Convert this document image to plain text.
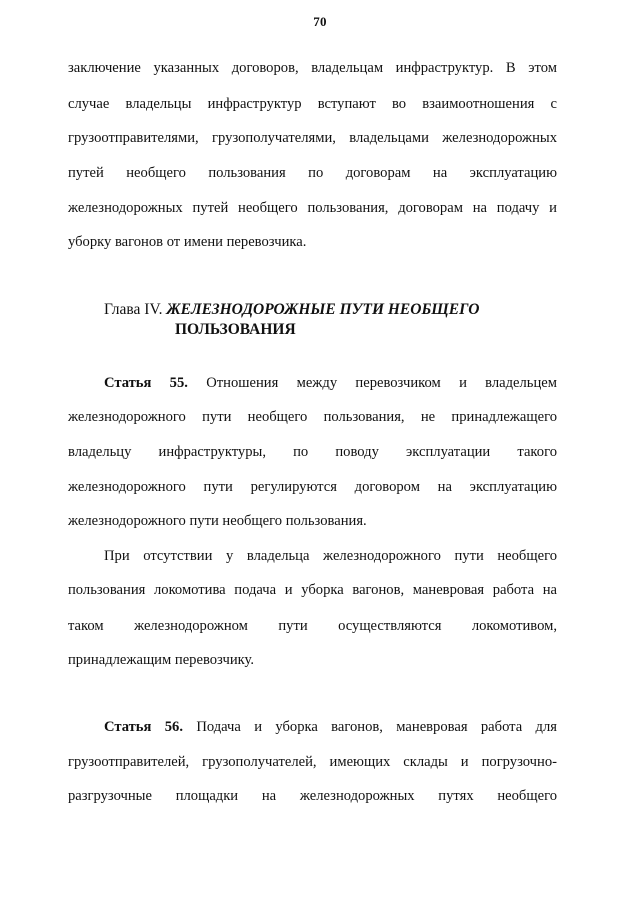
70
заключение указанных договоров, владельцам инфраструктур. В этом
случае владельцы инфраструктур вступают во взаимоотношения с
грузоотправителями, грузополучателями, владельцами железнодорожных
путей необщего пользования по договорам на эксплуатацию
железнодорожных путей необщего пользования, договорам на подачу и
уборку вагонов от имени перевозчика.
Глава IV. ЖЕЛЕЗНОДОРОЖНЫЕ ПУТИ НЕОБЩЕГО
ПОЛЬЗОВАНИЯ
Статья 55. Отношения между перевозчиком и владельцем
железнодорожного пути необщего пользования, не принадлежащего
владельцу инфраструктуры, по поводу эксплуатации такого
железнодорожного пути регулируются договором на эксплуатацию
железнодорожного пути необщего пользования.
При отсутствии у владельца железнодорожного пути необщего
пользования локомотива подача и уборка вагонов, маневровая работа на
таком железнодорожном пути осуществляются локомотивом,
принадлежащим перевозчику.
Статья 56. Подача и уборка вагонов, маневровая работа для
грузоотправителей, грузополучателей, имеющих склады и погрузочно-
разгрузочные площадки на железнодорожных путях необщего
